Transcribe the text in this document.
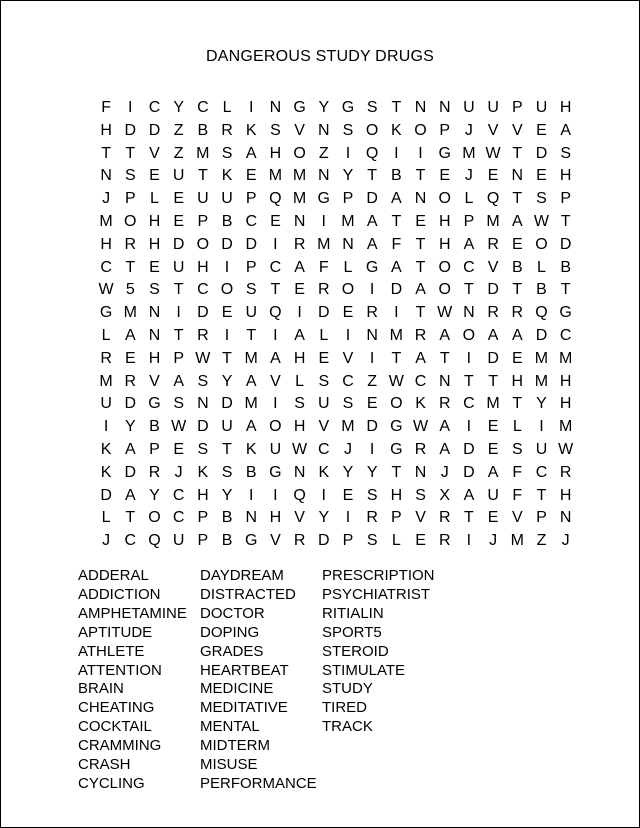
DANGEROUS STUDY DRUGS
F	I	C Y C L	I	N G Y G S T N N U U P U H
H D D Z B R K S V N S O K O P J V V E A
T T V Z M S A H O Z	I Q I	I G M W T D S
N S E U T K E M M N Y T B T E J E N E H
J P L E U U P Q M G P D A N O L Q T S P
M O H E P B C E N	I M A T E H P M A W T
H R H D O D D	I	R M N A F T H A R E O D
C T E U H	I	P C A F L G A T O C V B L B
W 5 S T C O S T E R O I	D A O T D T B T
G M N	I	D E U Q I	D E R	I	T W N R R Q G
L A N T R	I	T	I	A L	I	N M R A O A A D C
R E H P W T M A H E V	I	T A T	I	D E M M
M R V A S Y A V L S C Z W C N T T H M H
U D G S N D M I	S U S E O K R C M T Y H
I	Y B W D U A O H V M D G W A	I	E L	I M
K A P E S T K U W C J	I G R A D E S U W
K D R J K S B G N K Y Y T N J D A F C R
D A Y C H Y	I	I Q I	E S H S X A U F T H
L T O C P B N H V Y	I	R P V R T E V P N
J C Q U P B G V R D P S L E R	I	J M Z J
ADDERAL
ADDICTION
AMPHETAMINE
APTITUDE
ATHLETE
ATTENTION
BRAIN
CHEATING
COCKTAIL
CRAMMING
CRASH
CYCLING
DAYDREAM
DISTRACTED
DOCTOR
DOPING
GRADES
HEARTBEAT
MEDICINE
MEDITATIVE
MENTAL
MIDTERM
MISUSE
PERFORMANCE
PRESCRIPTION
PSYCHIATRIST
RITIALIN
SPORT5
STEROID
STIMULATE
STUDY
TIRED
TRACK
